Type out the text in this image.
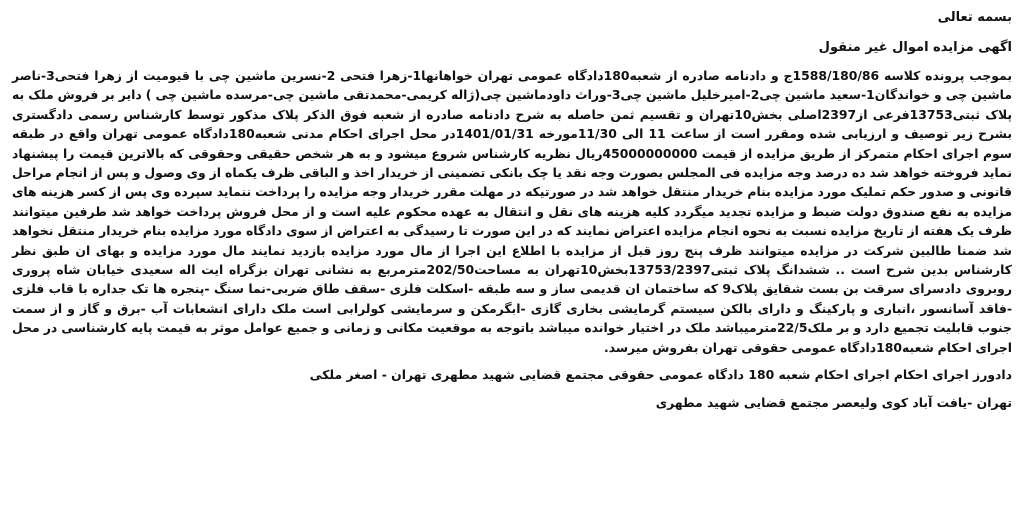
بسمه تعالی
اگهی مزایده اموال غیر منقول

بموجب پرونده کلاسه 1588/180/86ج و دادنامه صادره از شعبه180دادگاه عمومی تهران خواهانها1-زهرا فتحی 2-نسرین ماشین چی با قیومیت از زهرا فتحی3-ناصر ماشین چی و خواندگان1-سعید ماشین چی2-امیرخلیل ماشین چی3-وراث داودماشین چی(ژاله کریمی-محمدتقی ماشین چی-مرسده ماشین چی ) دایر بر فروش ملک به پلاک ثبتی13753فرعی از2397اصلی بخش10تهران و تقسیم ثمن حاصله به شرح دادنامه صادره از شعبه فوق الذکر پلاک مذکور توسط کارشناس رسمی دادگستری بشرح زیر توصیف و ارزیابی شده ومقرر است از ساعت 11 الی 11/30مورخه 1401/01/31در محل اجرای احکام مدنی شعبه180دادگاه عمومی تهران واقع در طبقه سوم اجرای احکام متمرکز از طریق مزایده از قیمت 45000000000ریال نظریه کارشناس شروع میشود و به هر شخص حقیقی وحقوقی که بالاترین قیمت را پیشنهاد نماید فروخته خواهد شد ده درصد وجه مزایده فی المجلس بصورت وجه نقد یا چک بانکی تضمینی از خریدار اخذ و الباقی ظرف یکماه از وی وصول و پس از انجام مراحل قانونی و صدور حکم تملیک مورد مزایده بنام خریدار منتقل خواهد شد در صورتیکه در مهلت مقرر خریدار وجه مزایده را پرداخت ننماید سپرده وی پس از کسر هزینه های مزایده به نفع صندوق دولت ضبط و مزایده تجدید میگردد کلیه هزینه های نقل و انتقال به عهده محکوم علیه است و از محل فروش پرداخت خواهد شد طرفین میتوانند ظرف یک هفته از تاریخ مزایده نسبت به نحوه انجام مزایده اعتراض نمایند که در این صورت تا رسیدگی به اعتراض از سوی دادگاه مورد مزایده بنام خریدار منتقل نخواهد شد ضمنا طالبین شرکت در مزایده میتوانند ظرف پنج روز قبل از مزایده با اطلاع این اجرا از مال مورد مزایده بازدید نمایند مال مورد مزایده و بهای ان طبق نظر کارشناس بدین شرح است .. ششدانگ پلاک ثبتی13753/2397بخش10تهران به مساحت202/50مترمربع به نشانی تهران بزگراه ایت اله سعیدی خیابان شاه پروری روبروی دادسرای سرقت بن بست شقایق پلاک9 که ساختمان ان قدیمی ساز و سه طبقه -اسکلت فلزی -سقف طاق ضربی-نما سنگ -پنجره ها تک جداره با قاب فلزی -فاقد آسانسور ،انباری و پارکینگ و دارای بالکن سیستم گرمایشی بخاری گازی -ابگرمکن و سرمایشی کولرابی است ملک دارای انشعابات آب -برق و گاز و از سمت جنوب قابلیت تجمیع دارد و بر ملک22/5مترمیباشد ملک در اختیار خوانده میباشد باتوجه به موقعیت مکانی و زمانی و جمیع عوامل موثر به قیمت پایه کارشناسی در محل اجرای احکام شعبه180دادگاه عمومی حقوقی تهران بفروش میرسد.

دادورز اجرای احکام اجرای احکام شعبه 180 دادگاه عمومی حقوقی مجتمع قضایی شهید مطهری تهران - اصغر ملکی
تهران -یافت آباد کوی ولیعصر مجتمع قضایی شهید مطهری
